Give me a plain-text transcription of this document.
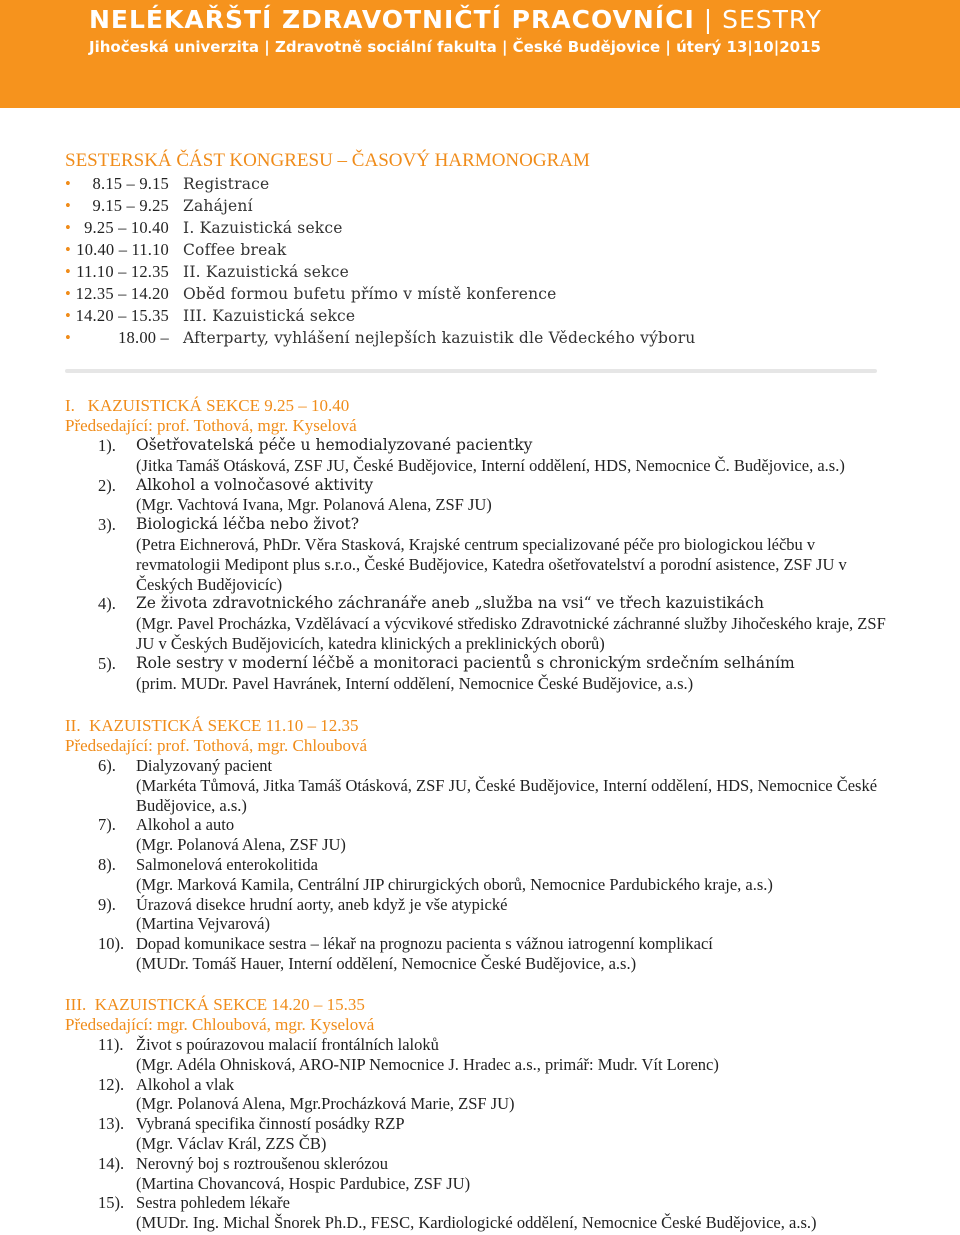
NELÉKAŘŠTÍ ZDRAVOTNIČTÍ PRACOVNÍCI | SESTRY
Jihočeská univerzita | Zdravotně sociální fakulta | České Budějovice | úterý 13|10|2015
SESTERSKÁ ČÁST KONGRESU – ČASOVÝ HARMONOGRAM
•	8.15 – 9.15 Registrace
•	9.15 – 9.25 Zahájení
• 9.25 – 10.40 I. Kazuistická sekce
• 10.40 – 11.10 Coffee break
• 11.10 – 12.35 II. Kazuistická sekce
• 12.35 – 14.20 Oběd formou bufetu přímo v místě konference
• 14.20 – 15.35 III. Kazuistická sekce
•	18.00 – Afterparty, vyhlášení nejlepších kazuistik dle Vědeckého výboru
I.   KAZUISTICKÁ SEKCE 9.25 – 10.40
Předsedající: prof. Tothová, mgr. Kyselová
1). Ošetřovatelská péče u hemodialyzované pacientky
(Jitka Tamáš Otásková, ZSF JU, České Budějovice, Interní oddělení, HDS, Nemocnice Č. Budějovice, a.s.)
2). Alkohol a volnočasové aktivity
(Mgr. Vachtová Ivana, Mgr. Polanová Alena, ZSF JU)
3). Biologická léčba nebo život?
(Petra Eichnerová, PhDr. Věra Stasková, Krajské centrum specializované péče pro biologickou léčbu v revmatologii Medipont plus s.r.o., České Budějovice, Katedra ošetřovatelství a porodní asistence, ZSF JU v Českých Budějovicíc)
4). Ze života zdravotnického záchranáře aneb „služba na vsi“ ve třech kazuistikách
(Mgr. Pavel Procházka, Vzdělávací a výcvikové středisko Zdravotnické záchranné služby Jihočeského kraje, ZSF JU v Českých Budějovicích, katedra klinických a preklinických oborů)
5). Role sestry v moderní léčbě a monitoraci pacientů s chronickým srdečním selháním
(prim. MUDr. Pavel Havránek, Interní oddělení, Nemocnice České Budějovice, a.s.)
II.  KAZUISTICKÁ SEKCE 11.10 – 12.35
Předsedající: prof. Tothová, mgr. Chloubová
6). Dialyzovaný pacient
(Markéta Tůmová, Jitka Tamáš Otásková, ZSF JU, České Budějovice, Interní oddělení, HDS, Nemocnice České Budějovice, a.s.)
7). Alkohol a auto
(Mgr. Polanová Alena, ZSF JU)
8). Salmonelová enterokolitida
(Mgr. Marková Kamila, Centrální JIP chirurgických oborů, Nemocnice Pardubického kraje, a.s.)
9). Úrazová disekce hrudní aorty, aneb když je vše atypické
(Martina Vejvarová)
10). Dopad komunikace sestra – lékař na prognozu pacienta s vážnou iatrogenní komplikací
(MUDr. Tomáš Hauer, Interní oddělení, Nemocnice České Budějovice, a.s.)
III.  KAZUISTICKÁ SEKCE 14.20 – 15.35
Předsedající: mgr. Chloubová, mgr. Kyselová
11). Život s poúrazovou malacií frontálních laloků
(Mgr. Adéla Ohnisková, ARO-NIP Nemocnice J. Hradec a.s., primář: Mudr. Vít Lorenc)
12). Alkohol a vlak
(Mgr. Polanová Alena, Mgr.Procházková Marie, ZSF JU)
13). Vybraná specifika činností posádky RZP
(Mgr. Václav Král, ZZS ČB)
14). Nerovný boj s roztroušenou sklerózou
(Martina Chovancová, Hospic Pardubice, ZSF JU)
15). Sestra pohledem lékaře
(MUDr. Ing. Michal Šnorek Ph.D., FESC, Kardiologické oddělení, Nemocnice České Budějovice, a.s.)
